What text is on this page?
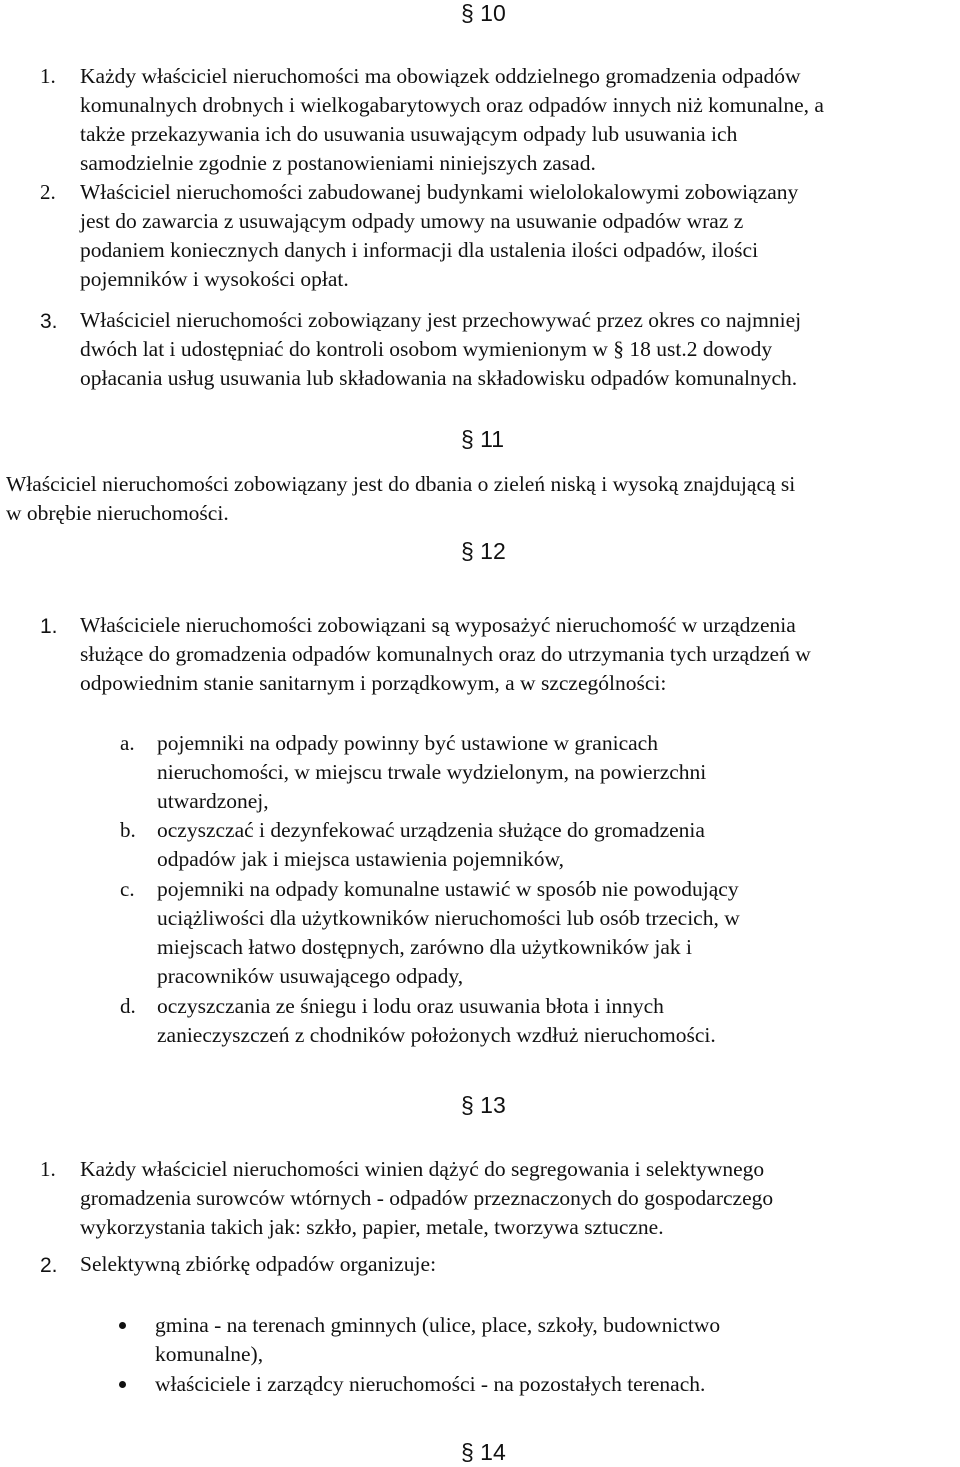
§ 10
1. Każdy właściciel nieruchomości ma obowiązek oddzielnego gromadzenia odpadów
komunalnych drobnych i wielkogabarytowych oraz odpadów innych niż komunalne, a
także przekazywania ich do usuwania usuwającym odpady lub usuwania ich
samodzielnie zgodnie z postanowieniami niniejszych zasad.
2. Właściciel nieruchomości zabudowanej budynkami wielolokalowymi zobowiązany
jest do zawarcia z usuwającym odpady umowy na usuwanie odpadów wraz z
podaniem koniecznych danych i informacji dla ustalenia ilości odpadów, ilości
pojemników i wysokości opłat.
3. Właściciel nieruchomości zobowiązany jest przechowywać przez okres co najmniej
dwóch lat i udostępniać do kontroli osobom wymienionym w § 18 ust.2 dowody
opłacania usług usuwania lub składowania na składowisku odpadów komunalnych.
§ 11
Właściciel nieruchomości zobowiązany jest do dbania o zieleń niską i wysoką znajdującą si
w obrębie nieruchomości.
§ 12
1. Właściciele nieruchomości zobowiązani są wyposażyć nieruchomość w urządzenia
służące do gromadzenia odpadów komunalnych oraz do utrzymania tych urządzeń w
odpowiednim stanie sanitarnym i porządkowym, a w szczególności:
a. pojemniki na odpady powinny być ustawione w granicach
nieruchomości, w miejscu trwale wydzielonym, na powierzchni
utwardzonej,
b. oczyszczać i dezynfekować urządzenia służące do gromadzenia
odpadów jak i miejsca ustawienia pojemników,
c. pojemniki na odpady komunalne ustawić w sposób nie powodujący
uciążliwości dla użytkowników nieruchomości lub osób trzecich, w
miejscach łatwo dostępnych, zarówno dla użytkowników jak i
pracowników usuwającego odpady,
d. oczyszczania ze śniegu i lodu oraz usuwania błota i innych
zanieczyszczeń z chodników położonych wzdłuż nieruchomości.
§ 13
1. Każdy właściciel nieruchomości winien dążyć do segregowania i selektywnego
gromadzenia surowców wtórnych - odpadów przeznaczonych do gospodarczego
wykorzystania takich jak: szkło, papier, metale, tworzywa sztuczne.
2. Selektywną zbiórkę odpadów organizuje:
gmina - na terenach gminnych (ulice, place, szkoły, budownictwo
komunalne),
właściciele i zarządcy nieruchomości - na pozostałych terenach.
§ 14
